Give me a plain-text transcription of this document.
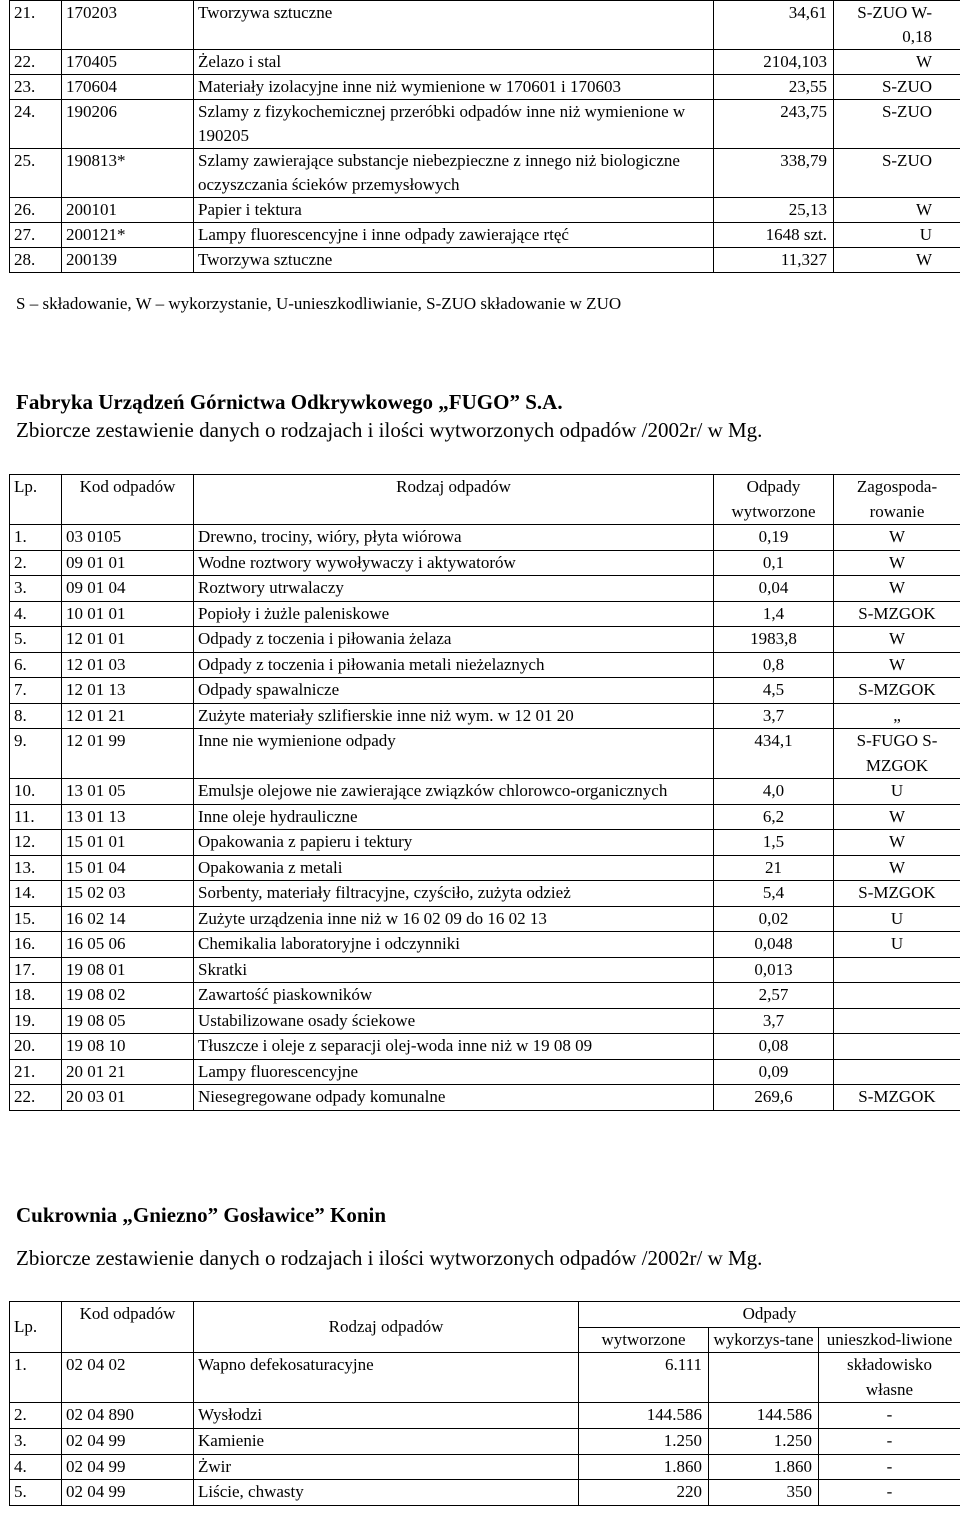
21.	170203	Tworzywa sztuczne	34,61	S-ZUO W-0,18
22.	170405	Żelazo i stal	2104,103	W
23.	170604	Materiały izolacyjne inne niż wymienione w 170601 i 170603	23,55	S-ZUO
24.	190206	Szlamy z fizykochemicznej przeróbki odpadów inne niż wymienione w 190205	243,75	S-ZUO
25.	190813*	Szlamy zawierające substancje niebezpieczne z innego niż biologiczne oczyszczania ścieków przemysłowych	338,79	S-ZUO
26.	200101	Papier i tektura	25,13	W
27.	200121*	Lampy fluorescencyjne i inne odpady zawierające rtęć	1648 szt.	U
28.	200139	Tworzywa sztuczne	11,327	W
S – składowanie, W – wykorzystanie, U-unieszkodliwianie, S-ZUO składowanie w ZUO
Fabryka Urządzeń Górnictwa Odkrywkowego „FUGO” S.A.
Zbiorcze zestawienie danych o rodzajach i ilości wytworzonych odpadów /2002r/ w Mg.
Lp.	Kod odpadów	Rodzaj odpadów	Odpady wytworzone	Zagospoda-rowanie
1.	03 0105	Drewno, trociny, wióry, płyta wiórowa	0,19	W
2.	09 01 01	Wodne roztwory wywoływaczy i aktywatorów	0,1	W
3.	09 01 04	Roztwory utrwalaczy	0,04	W
4.	10 01 01	Popioły i żużle paleniskowe	1,4	S-MZGOK
5.	12 01 01	Odpady z toczenia i piłowania żelaza	1983,8	W
6.	12 01 03	Odpady z toczenia i piłowania metali nieżelaznych	0,8	W
7.	12 01 13	Odpady spawalnicze	4,5	S-MZGOK
8.	12 01 21	Zużyte materiały szlifierskie inne niż wym. w 12 01 20	3,7	„
9.	12 01 99	Inne nie wymienione odpady	434,1	S-FUGO S-MZGOK
10.	13 01 05	Emulsje olejowe nie zawierające związków chlorowco-organicznych	4,0	U
11.	13 01 13	Inne oleje hydrauliczne	6,2	W
12.	15 01 01	Opakowania z papieru i tektury	1,5	W
13.	15 01 04	Opakowania z metali	21	W
14.	15 02 03	Sorbenty, materiały filtracyjne, czyściło, zużyta odzież	5,4	S-MZGOK
15.	16 02 14	Zużyte urządzenia inne niż w 16 02 09 do 16 02 13	0,02	U
16.	16 05 06	Chemikalia laboratoryjne i odczynniki	0,048	U
17.	19 08 01	Skratki	0,013	
18.	19 08 02	Zawartość piaskowników	2,57	
19.	19 08 05	Ustabilizowane osady ściekowe	3,7	
20.	19 08 10	Tłuszcze i oleje z separacji olej-woda inne niż w 19 08 09	0,08	
21.	20 01 21	Lampy fluorescencyjne	0,09	
22.	20 03 01	Niesegregowane odpady komunalne	269,6	S-MZGOK
Cukrownia „Gniezno” Gosławice” Konin
Zbiorcze zestawienie danych o rodzajach i ilości wytworzonych odpadów /2002r/ w Mg.
Lp.	Kod odpadów	Rodzaj odpadów	Odpady		
			wytworzone	wykorzys-tane	unieszkod-liwione
1.	02 04 02	Wapno defekosaturacyjne	6.111		składowisko własne
2.	02 04 890	Wysłodzi	144.586	144.586	-
3.	02 04 99	Kamienie	1.250	1.250	-
4.	02 04 99	Żwir	1.860	1.860	-
5.	02 04 99	Liście, chwasty	220	350	-
